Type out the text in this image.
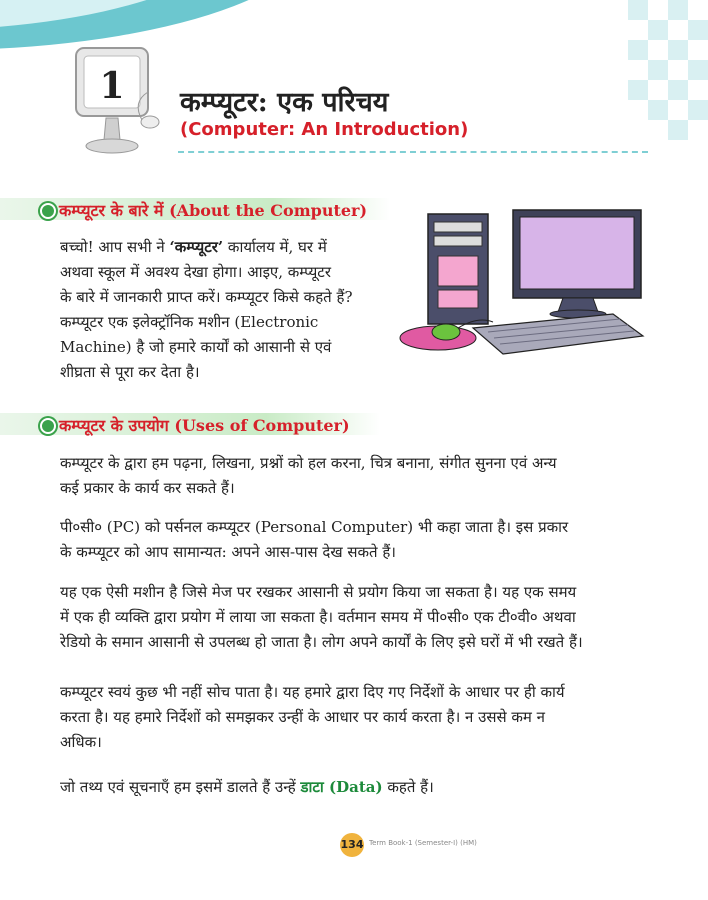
1 कम्प्यूटर: एक परिचय
(Computer: An Introduction)
कम्प्यूटर के बारे में (About the Computer)
बच्चो! आप सभी ने ‘कम्प्यूटर’ कार्यालय में, घर में
अथवा स्कूल में अवश्य देखा होगा। आइए, कम्प्यूटर
के बारे में जानकारी प्राप्त करें। कम्प्यूटर किसे कहते हैं?
कम्प्यूटर एक इलेक्ट्रॉनिक मशीन (Electronic
Machine) है जो हमारे कार्यों को आसानी से एवं
शीघ्रता से पूरा कर देता है।
कम्प्यूटर के उपयोग (Uses of Computer)
कम्प्यूटर के द्वारा हम पढ़ना, लिखना, प्रश्नों को हल करना, चित्र बनाना, संगीत सुनना एवं अन्य
कई प्रकार के कार्य कर सकते हैं।
पी०सी० (PC) को पर्सनल कम्प्यूटर (Personal Computer) भी कहा जाता है। इस प्रकार
के कम्प्यूटर को आप सामान्यत: अपने आस-पास देख सकते हैं।
यह एक ऐसी मशीन है जिसे मेज पर रखकर आसानी से प्रयोग किया जा सकता है। यह एक समय
में एक ही व्यक्ति द्वारा प्रयोग में लाया जा सकता है। वर्तमान समय में पी०सी० एक टी०वी० अथवा
रेडियो के समान आसानी से उपलब्ध हो जाता है। लोग अपने कार्यों के लिए इसे घरों में भी रखते हैं।
कम्प्यूटर स्वयं कुछ भी नहीं सोच पाता है। यह हमारे द्वारा दिए गए निर्देशों के आधार पर ही कार्य
करता है। यह हमारे निर्देशों को समझकर उन्हीं के आधार पर कार्य करता है। न उससे कम न
अधिक।
जो तथ्य एवं सूचनाएँ हम इसमें डालते हैं उन्हें डाटा (Data) कहते हैं।
134 Term Book-1 (Semester-I) (HM)
